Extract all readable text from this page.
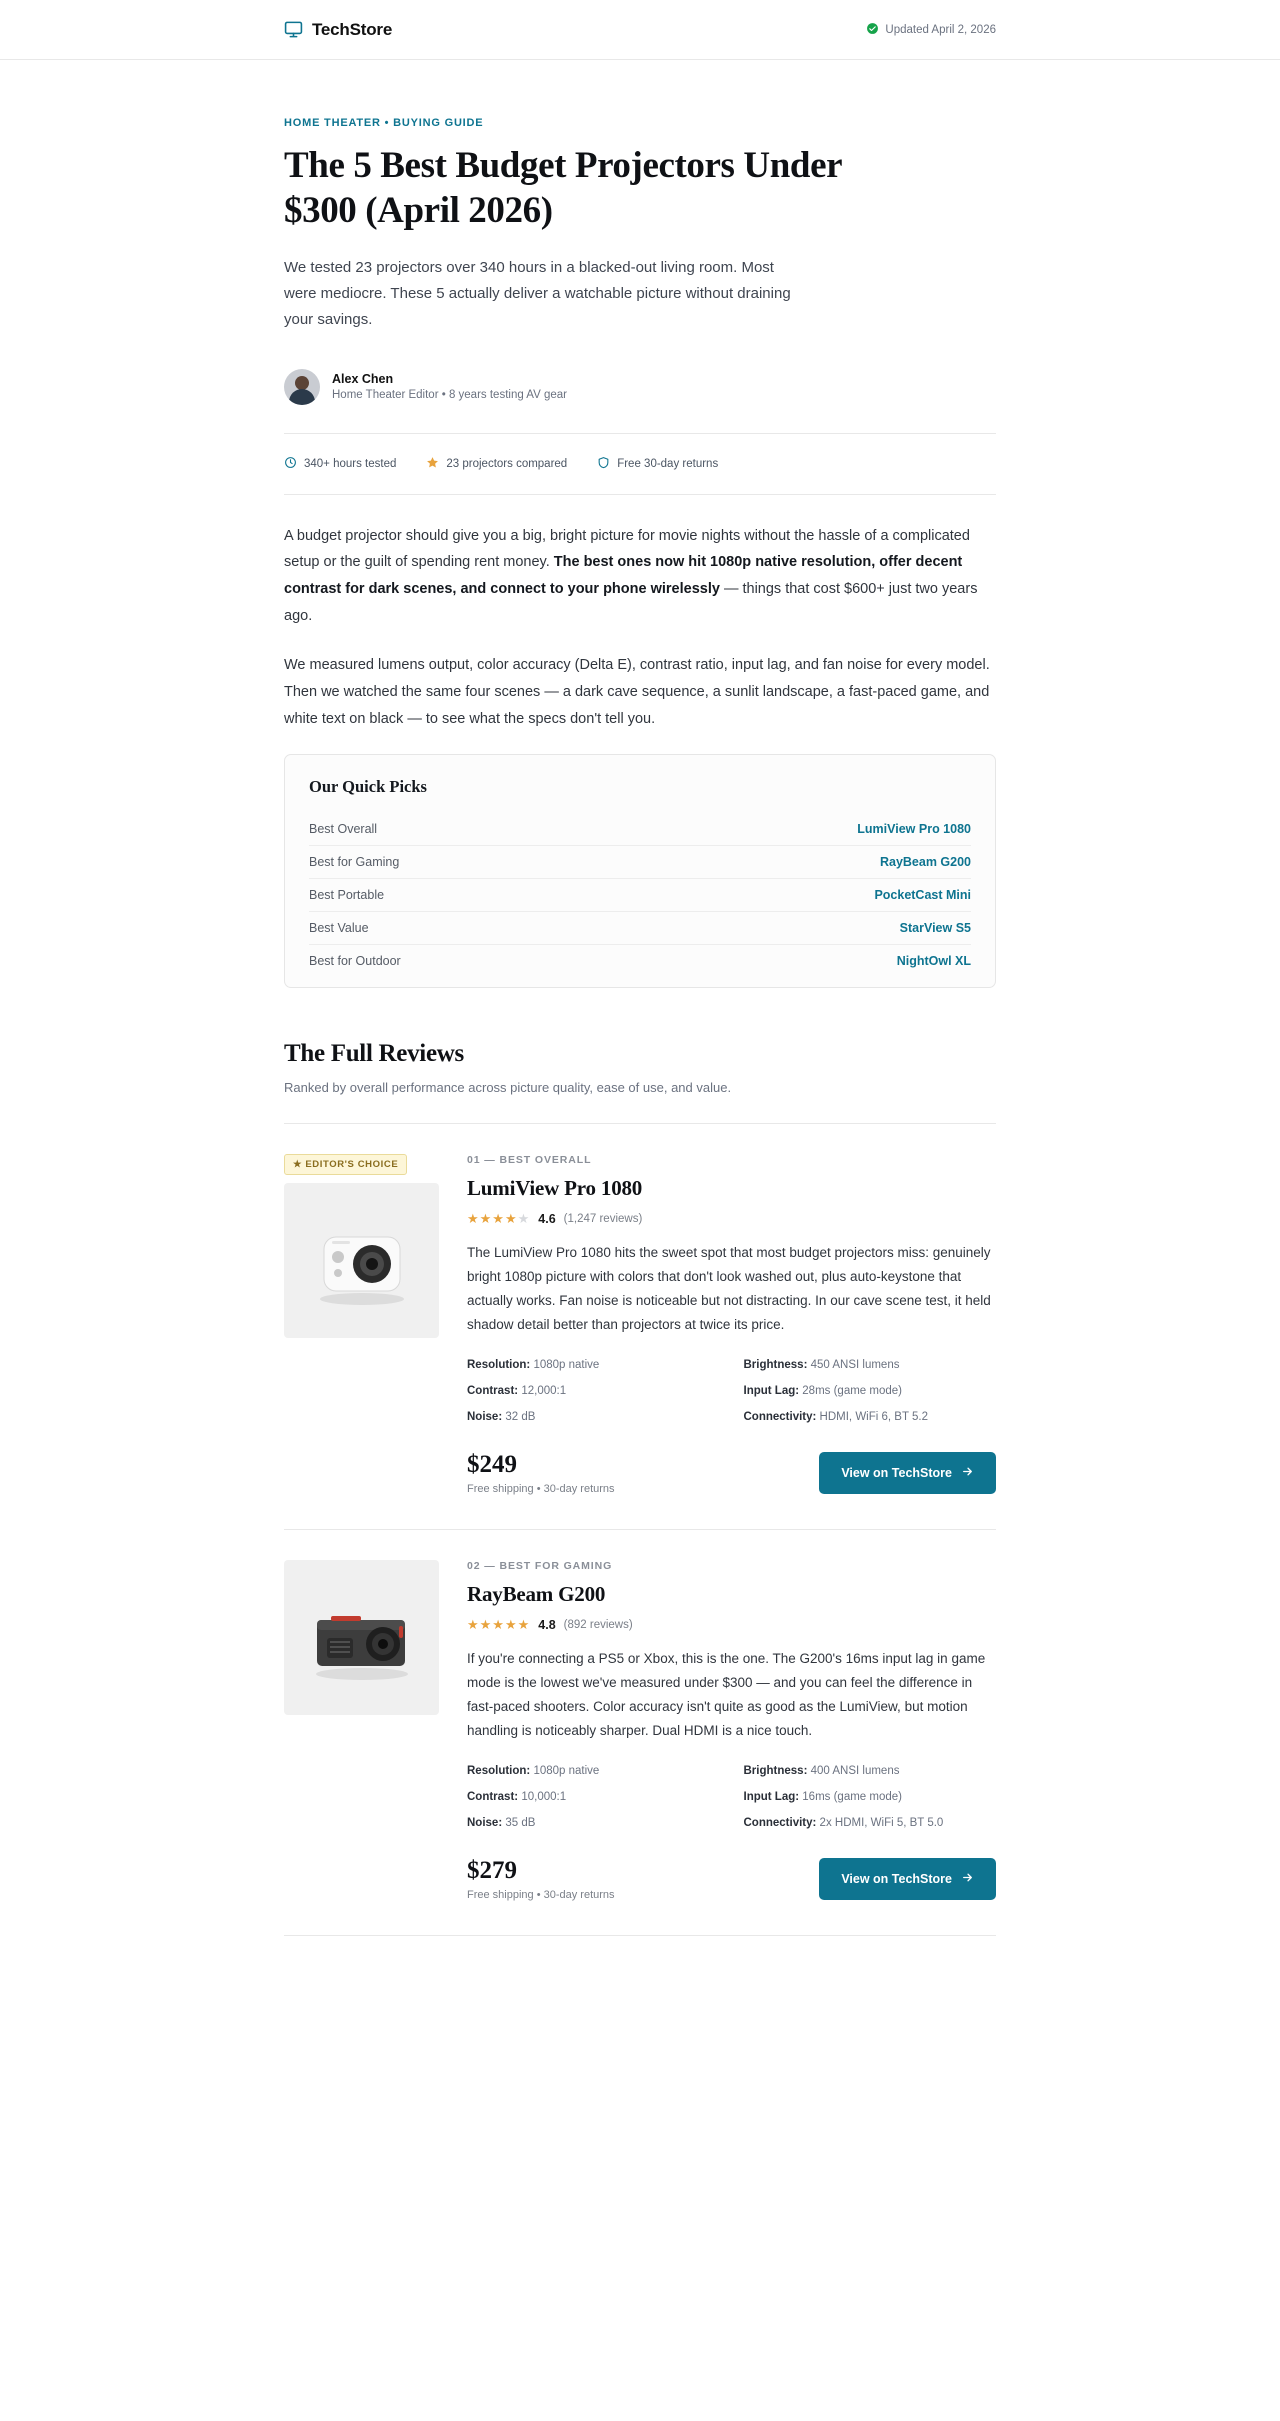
TechStore	Updated April 2, 2026
HOME THEATER • BUYING GUIDE
The 5 Best Budget Projectors Under $300 (April 2026)
We tested 23 projectors over 340 hours in a blacked-out living room. Most were mediocre. These 5 actually deliver a watchable picture without draining your savings.
Alex Chen
Home Theater Editor • 8 years testing AV gear
340+ hours tested	23 projectors compared	Free 30-day returns

A budget projector should give you a big, bright picture for movie nights without the hassle of a complicated setup or the guilt of spending rent money. The best ones now hit 1080p native resolution, offer decent contrast for dark scenes, and connect to your phone wirelessly — things that cost $600+ just two years ago.

We measured lumens output, color accuracy (Delta E), contrast ratio, input lag, and fan noise for every model. Then we watched the same four scenes — a dark cave sequence, a sunlit landscape, a fast-paced game, and white text on black — to see what the specs don't tell you.

Our Quick Picks
Best Overall	LumiView Pro 1080
Best for Gaming	RayBeam G200
Best Portable	PocketCast Mini
Best Value	StarView S5
Best for Outdoor	NightOwl XL
The Full Reviews
Ranked by overall performance across picture quality, ease of use, and value.
★ EDITOR'S CHOICE	01 — BEST OVERALL
LumiView Pro 1080
★★★★★ 4.6 (1,247 reviews)
The LumiView Pro 1080 hits the sweet spot that most budget projectors miss: genuinely bright 1080p picture with colors that don't look washed out, plus auto-keystone that actually works. Fan noise is noticeable but not distracting. In our cave scene test, it held shadow detail better than projectors at twice its price.
Resolution: 1080p native	Brightness: 450 ANSI lumens
Contrast: 12,000:1	Input Lag: 28ms (game mode)
Noise: 32 dB	Connectivity: HDMI, WiFi 6, BT 5.2
$249
Free shipping • 30-day returns
View on TechStore
02 — BEST FOR GAMING
RayBeam G200
★★★★★ 4.8 (892 reviews)
If you're connecting a PS5 or Xbox, this is the one. The G200's 16ms input lag in game mode is the lowest we've measured under $300 — and you can feel the difference in fast-paced shooters. Color accuracy isn't quite as good as the LumiView, but motion handling is noticeably sharper. Dual HDMI is a nice touch.
Resolution: 1080p native	Brightness: 400 ANSI lumens
Contrast: 10,000:1	Input Lag: 16ms (game mode)
Noise: 35 dB	Connectivity: 2x HDMI, WiFi 5, BT 5.0
$279
Free shipping • 30-day returns
View on TechStore
